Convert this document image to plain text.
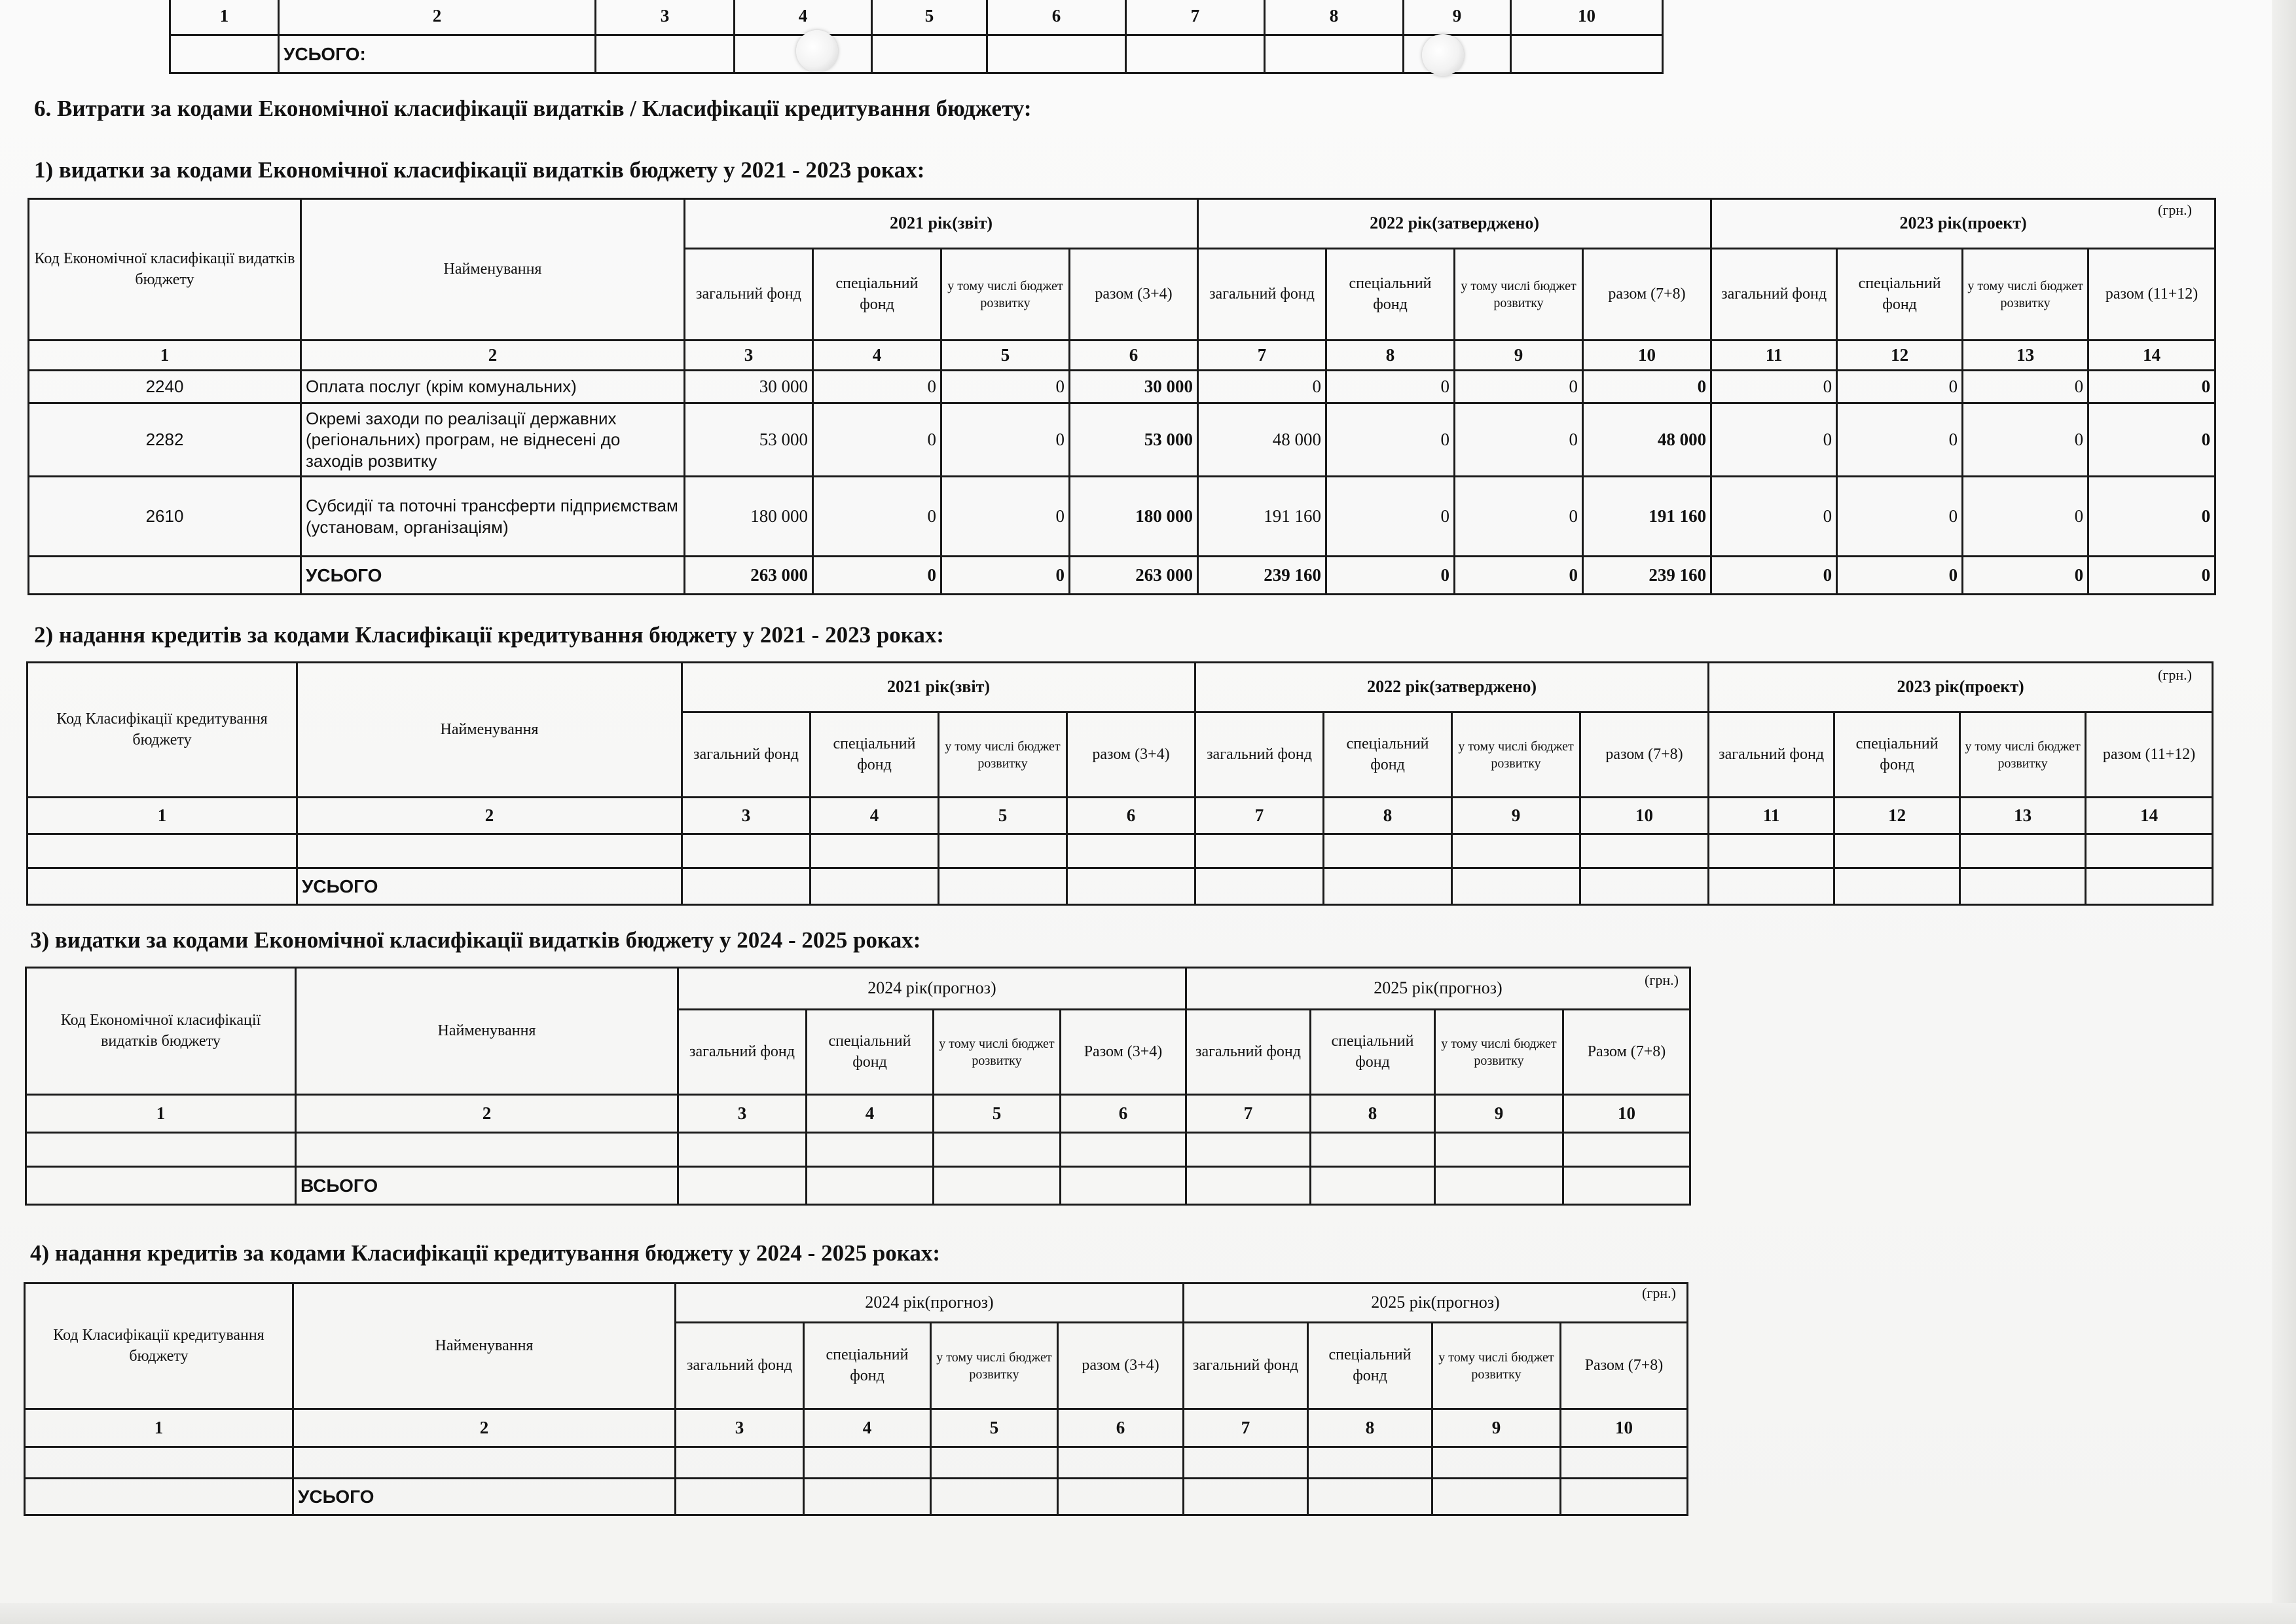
1	2	3	4	5	6	7	8	9	10
	УСЬОГО:								
6. Витрати за кодами Економічної класифікації видатків / Класифікації кредитування бюджету:
1) видатки за кодами Економічної класифікації видатків бюджету у 2021 - 2023 роках:
(грн.)
Код Економічної класифікації видатків бюджету	Найменування	2021 рік(звіт)				2022 рік(затверджено)				2023 рік(проект)			
		загальний фонд	спеціальний фонд	у тому числі бюджет розвитку	разом (3+4)	загальний фонд	спеціальний фонд	у тому числі бюджет розвитку	разом (7+8)	загальний фонд	спеціальний фонд	у тому числі бюджет розвитку	разом (11+12)
1	2	3	4	5	6	7	8	9	10	11	12	13	14
2240	Оплата послуг (крім комунальних)	30 000	0	0	30 000	0	0	0	0	0	0	0	0
2282	Окремі заходи по реалізації державних (регіональних) програм, не віднесені до заходів розвитку	53 000	0	0	53 000	48 000	0	0	48 000	0	0	0	0
2610	Субсидії та поточні трансферти підприємствам (установам, організаціям)	180 000	0	0	180 000	191 160	0	0	191 160	0	0	0	0
	УСЬОГО	263 000	0	0	263 000	239 160	0	0	239 160	0	0	0	0
2) надання кредитів за кодами Класифікації кредитування бюджету у 2021 - 2023 роках:
(грн.)
Код Класифікації кредитування бюджету	Найменування	2021 рік(звіт)				2022 рік(затверджено)				2023 рік(проект)			
		загальний фонд	спеціальний фонд	у тому числі бюджет розвитку	разом (3+4)	загальний фонд	спеціальний фонд	у тому числі бюджет розвитку	разом (7+8)	загальний фонд	спеціальний фонд	у тому числі бюджет розвитку	разом (11+12)
1	2	3	4	5	6	7	8	9	10	11	12	13	14

	УСЬОГО												
3) видатки за кодами Економічної класифікації видатків бюджету у 2024 - 2025 роках:
(грн.)
Код Економічної класифікації видатків бюджету	Найменування	2024 рік(прогноз)				2025 рік(прогноз)			
		загальний фонд	спеціальний фонд	у тому числі бюджет розвитку	Разом (3+4)	загальний фонд	спеціальний фонд	у тому числі бюджет розвитку	Разом (7+8)
1	2	3	4	5	6	7	8	9	10

	ВСЬОГО								
4) надання кредитів за кодами Класифікації кредитування бюджету у 2024 - 2025 роках:
(грн.)
Код Класифікації кредитування бюджету	Найменування	2024 рік(прогноз)				2025 рік(прогноз)			
		загальний фонд	спеціальний фонд	у тому числі бюджет розвитку	разом (3+4)	загальний фонд	спеціальний фонд	у тому числі бюджет розвитку	Разом (7+8)
1	2	3	4	5	6	7	8	9	10

	УСЬОГО								
